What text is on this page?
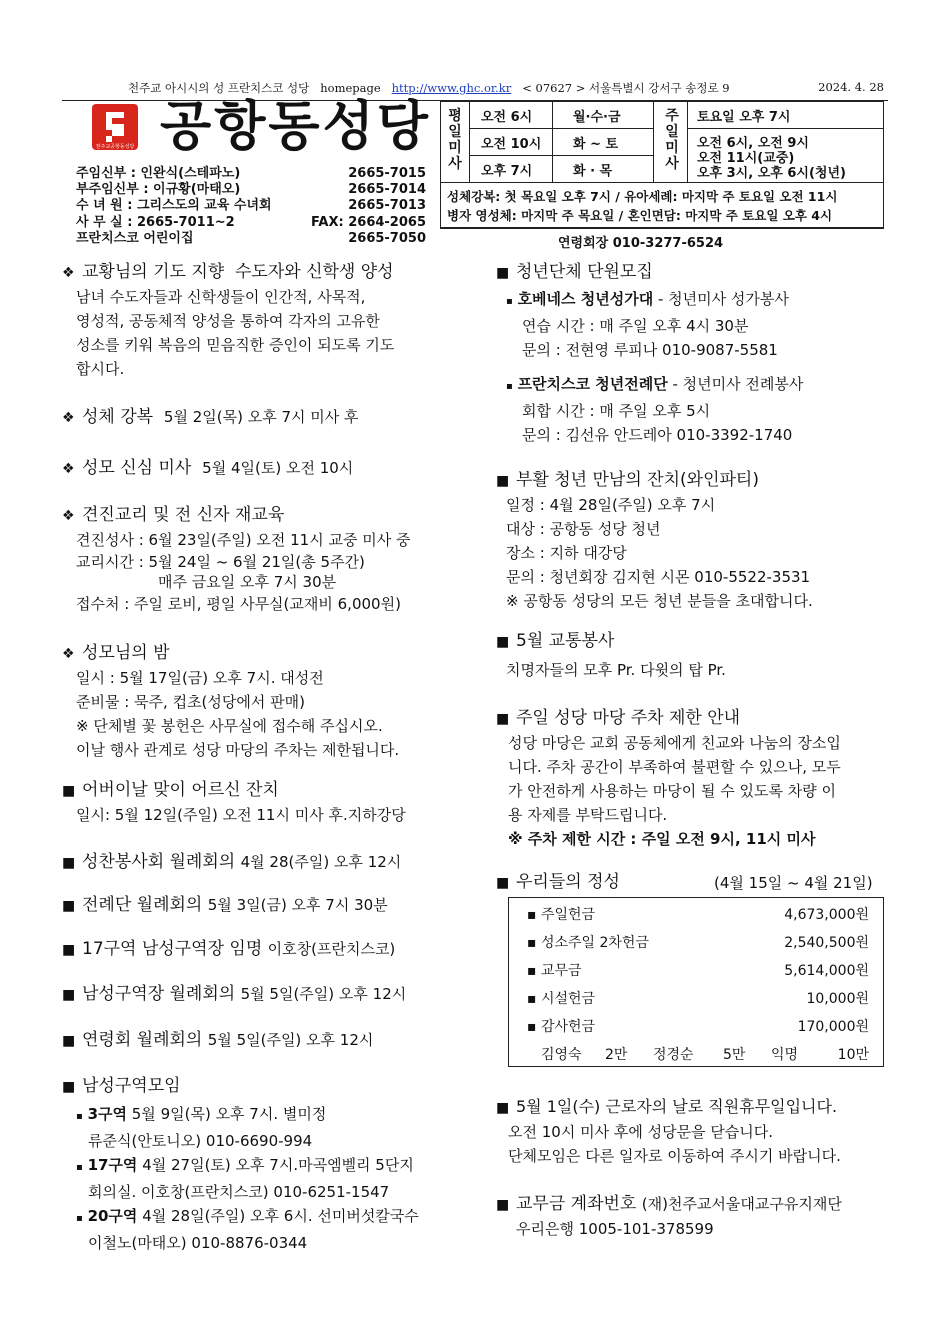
천주교 아시시의 성 프란치스코 성당 homepage http://www.ghc.or.kr < 07627 > 서울특별시 강서구 송정로 9	2024. 4. 28
천주교공항동성당 공항동성당
주임신부 : 인완식(스테파노)	2665-7015
부주임신부 : 이규황(마태오)	2665-7014
수 녀 원 : 그리스도의 교육 수녀회	2665-7013
사 무 실 : 2665-7011~2	FAX: 2664-2065
프란치스코 어린이집	2665-7050
평일미사
주일미사
오전 6시	월·수·금
오전 10시 화 ~ 토
오후 7시	화 · 목
토요일 오후 7시
오전 6시, 오전 9시
오전 11시(교중)
오후 3시, 오후 6시(청년)
성체강복: 첫 목요일 오후 7시 / 유아세례: 마지막 주 토요일 오전 11시
병자 영성체: 마지막 주 목요일 / 혼인면담: 마지막 주 토요일 오후 4시
연령회장 010-3277-6524
❖ 교황님의 기도 지향 수도자와 신학생 양성
남녀 수도자들과 신학생들이 인간적, 사목적,
영성적, 공동체적 양성을 통하여 각자의 고유한
성소를 키워 복음의 믿음직한 증인이 되도록 기도
합시다.
❖ 성체 강복 5월 2일(목) 오후 7시 미사 후
❖ 성모 신심 미사 5월 4일(토) 오전 10시
❖ 견진교리 및 전 신자 재교육
견진성사 : 6월 23일(주일) 오전 11시 교중 미사 중
교리시간 : 5월 24일 ~ 6월 21일(총 5주간)
매주 금요일 오후 7시 30분
접수처 : 주일 로비, 평일 사무실(교재비 6,000원)
❖ 성모님의 밤
일시 : 5월 17일(금) 오후 7시. 대성전
준비물 : 묵주, 컵초(성당에서 판매)
※ 단체별 꽃 봉헌은 사무실에 접수해 주십시오.
이날 행사 관계로 성당 마당의 주차는 제한됩니다.
■ 어버이날 맞이 어르신 잔치
일시: 5월 12일(주일) 오전 11시 미사 후.지하강당
■ 성찬봉사회 월례회의 4월 28(주일) 오후 12시
■ 전례단 월례회의 5월 3일(금) 오후 7시 30분
■ 17구역 남성구역장 임명 이호창(프란치스코)
■ 남성구역장 월례회의 5월 5일(주일) 오후 12시
■ 연령회 월례회의 5월 5일(주일) 오후 12시
■ 남성구역모임
▪ 3구역 5월 9일(목) 오후 7시. 별미정
류준식(안토니오) 010-6690-994
▪ 17구역 4월 27일(토) 오후 7시.마곡엠벨리 5단지
회의실. 이호창(프란치스코) 010-6251-1547
▪ 20구역 4월 28일(주일) 오후 6시. 선미버섯칼국수
이철노(마태오) 010-8876-0344
■ 청년단체 단원모집
▪ 호베네스 청년성가대 - 청년미사 성가봉사
연습 시간 : 매 주일 오후 4시 30분
문의 : 전현영 루피나 010-9087-5581
▪ 프란치스코 청년전례단 - 청년미사 전례봉사
회합 시간 : 매 주일 오후 5시
문의 : 김선유 안드레아 010-3392-1740
■ 부활 청년 만남의 잔치(와인파티)
일정 : 4월 28일(주일) 오후 7시
대상 : 공항동 성당 청년
장소 : 지하 대강당
문의 : 청년회장 김지현 시몬 010-5522-3531
※ 공항동 성당의 모든 청년 분들을 초대합니다.
■ 5월 교통봉사
치명자들의 모후 Pr. 다윗의 탑 Pr.
■ 주일 성당 마당 주차 제한 안내
성당 마당은 교회 공동체에게 친교와 나눔의 장소입
니다. 주차 공간이 부족하여 불편할 수 있으나, 모두
가 안전하게 사용하는 마당이 될 수 있도록 차량 이
용 자제를 부탁드립니다.
※ 주차 제한 시간 : 주일 오전 9시, 11시 미사
■ 우리들의 정성	(4월 15일 ~ 4월 21일)
▪ 주일헌금	4,673,000원
▪ 성소주일 2차헌금	2,540,500원
▪ 교무금	5,614,000원
▪ 시설헌금	10,000원
▪ 감사헌금	170,000원
김영숙 2만 정경순 5만 익명	10만
■ 5월 1일(수) 근로자의 날로 직원휴무일입니다.
오전 10시 미사 후에 성당문을 닫습니다.
단체모임은 다른 일자로 이동하여 주시기 바랍니다.
■ 교무금 계좌번호 (재)천주교서울대교구유지재단
우리은행 1005-101-378599
